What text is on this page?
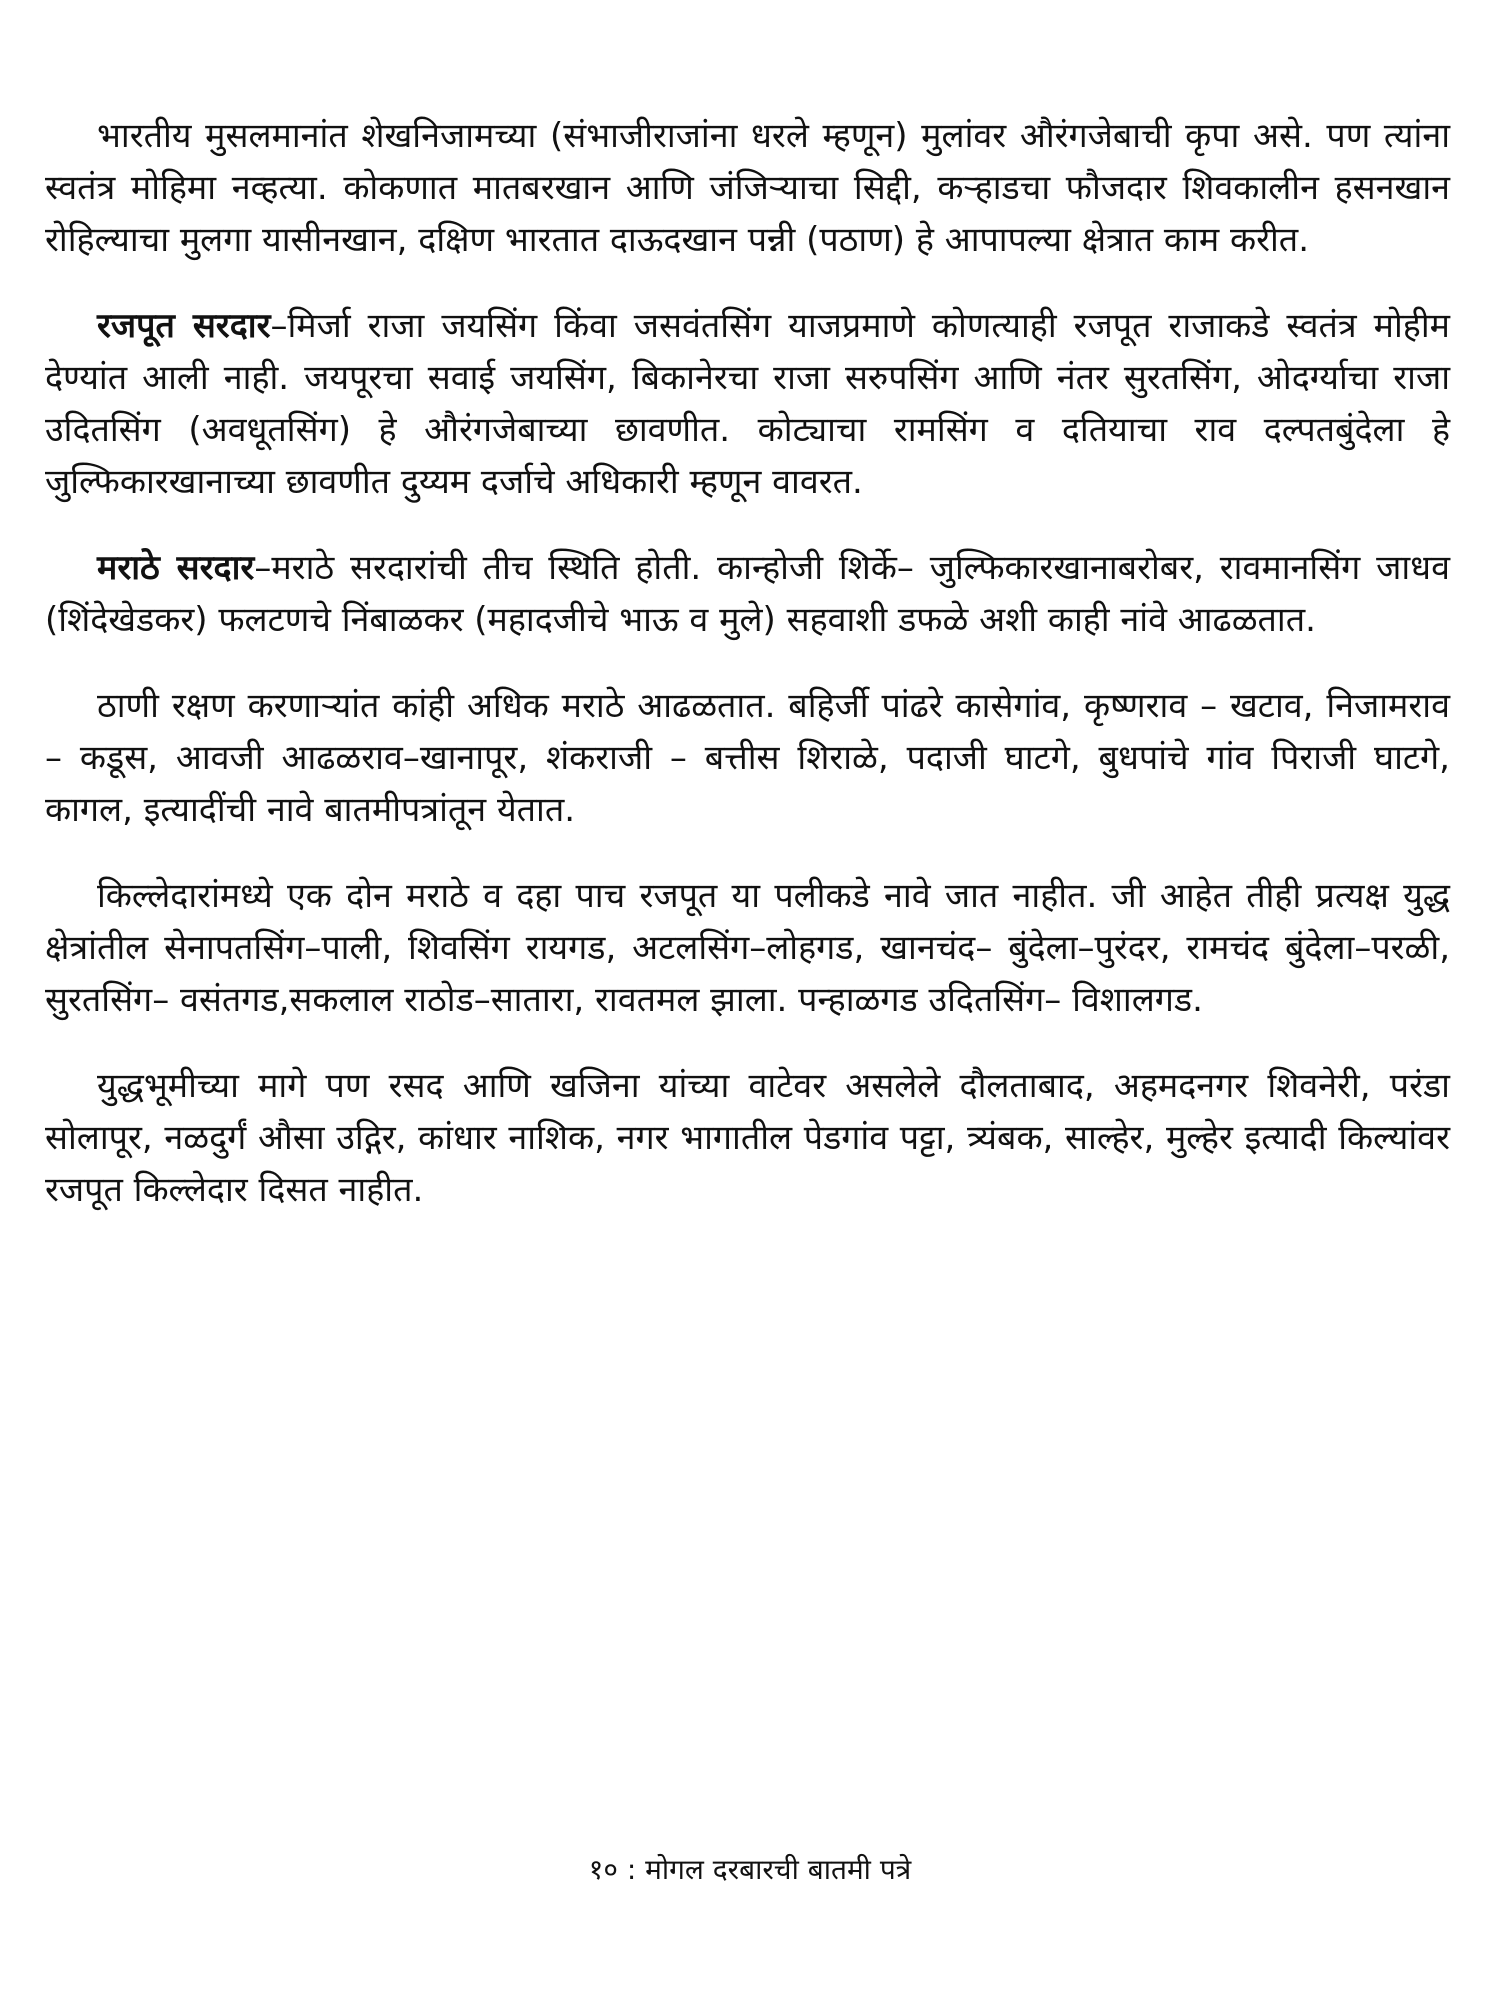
भारतीय मुसलमानांत शेखनिजामच्या (संभाजीराजांना धरले म्हणून) मुलांवर औरंगजेबाची कृपा असे. पण त्यांना स्वतंत्र मोहिमा नव्हत्या. कोकणात मातबरखान आणि जंजिऱ्याचा सिद्दी, कऱ्हाडचा फौजदार शिवकालीन हसनखान रोहिल्याचा मुलगा यासीनखान, दक्षिण भारतात दाऊदखान पन्नी (पठाण) हे आपापल्या क्षेत्रात काम करीत.

रजपूत सरदार–मिर्जा राजा जयसिंग किंवा जसवंतसिंग याजप्रमाणे कोणत्याही रजपूत राजाकडे स्वतंत्र मोहीम देण्यांत आली नाही. जयपूरचा सवाई जयसिंग, बिकानेरचा राजा सरुपसिंग आणि नंतर सुरतसिंग, ओदर्ग्याचा राजा उदितसिंग (अवधूतसिंग) हे औरंगजेबाच्या छावणीत. कोट्याचा रामसिंग व दतियाचा राव दल्पतबुंदेला हे जुल्फिकारखानाच्या छावणीत दुय्यम दर्जाचे अधिकारी म्हणून वावरत.

मराठे सरदार–मराठे सरदारांची तीच स्थिति होती. कान्होजी शिर्के– जुल्फिकारखानाबरोबर, रावमानसिंग जाधव (शिंदेखेडकर) फलटणचे निंबाळकर (महादजीचे भाऊ व मुले) सहवाशी डफळे अशी काही नांवे आढळतात.

ठाणी रक्षण करणाऱ्यांत कांही अधिक मराठे आढळतात. बहिर्जी पांढरे कासेगांव, कृष्णराव – खटाव, निजामराव – कडूस, आवजी आढळराव–खानापूर, शंकराजी – बत्तीस शिराळे, पदाजी घाटगे, बुधपांचे गांव पिराजी घाटगे, कागल, इत्यादींची नावे बातमीपत्रांतून येतात.

किल्लेदारांमध्ये एक दोन मराठे व दहा पाच रजपूत या पलीकडे नावे जात नाहीत. जी आहेत तीही प्रत्यक्ष युद्ध क्षेत्रांतील सेनापतसिंग–पाली, शिवसिंग रायगड, अटलसिंग–लोहगड, खानचंद– बुंदेला–पुरंदर, रामचंद बुंदेला–परळी, सुरतसिंग– वसंतगड,सकलाल राठोड–सातारा, रावतमल झाला. पन्हाळगड उदितसिंग– विशालगड.

युद्धभूमीच्या मागे पण रसद आणि खजिना यांच्या वाटेवर असलेले दौलताबाद, अहमदनगर शिवनेरी, परंडा सोलापूर, नळदुर्गं औसा उद्गिर, कांधार नाशिक, नगर भागातील पेडगांव पट्टा, त्र्यंबक, साल्हेर, मुल्हेर इत्यादी किल्यांवर रजपूत किल्लेदार दिसत नाहीत.

१० : मोगल दरबारची बातमी पत्रे
